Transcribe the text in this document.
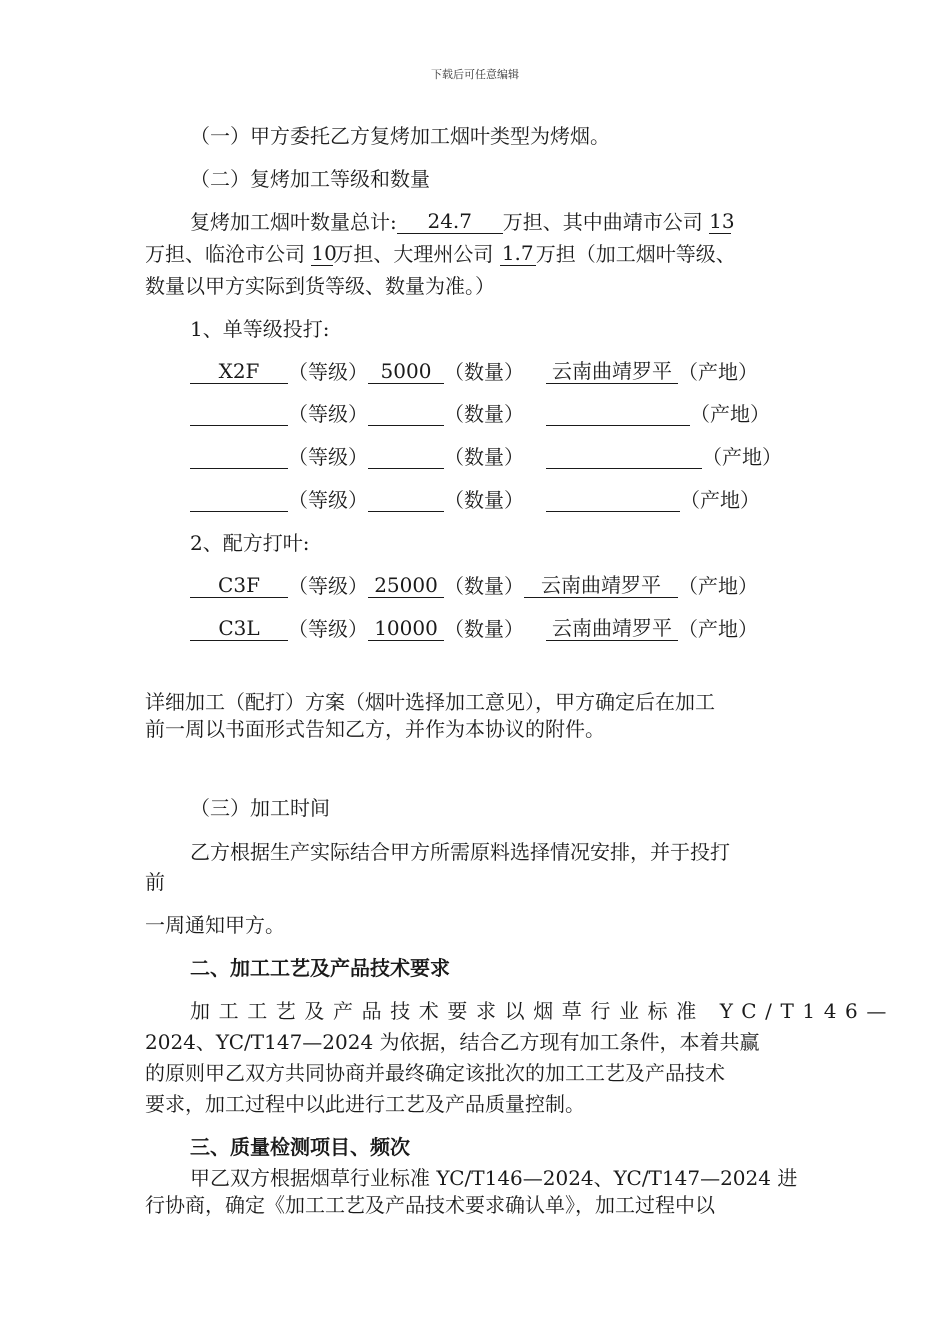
下载后可任意编辑
（一）甲方委托乙方复烤加工烟叶类型为烤烟。
（二）复烤加工等级和数量
复烤加工烟叶数量总计: 24.7 万担、其中曲靖市公司 13
万担、临沧市公司 10万担、大理州公司 1.7 万担（加工烟叶等级、
数量以甲方实际到货等级、数量为准。）
1、单等级投打:
X2F （等级） 5000 （数量） 云南曲靖罗平 （产地）
（等级）	（数量）	（产地）
（等级）	（数量）	（产地）
（等级）	（数量）	（产地）
2、配方打叶:
C3F （等级） 25000 （数量） 云南曲靖罗平 （产地）
C3L （等级） 10000 （数量） 云南曲靖罗平 （产地）
详细加工（配打）方案（烟叶选择加工意见），甲方确定后在加工
前一周以书面形式告知乙方，并作为本协议的附件。
（三）加工时间
乙方根据生产实际结合甲方所需原料选择情况安排，并于投打
前
一周通知甲方。
二、加工工艺及产品技术要求
加工工艺及产品技术要求以烟草行业标准 YC/T146—
2024、YC/T147—2024 为依据，结合乙方现有加工条件，本着共赢
的原则甲乙双方共同协商并最终确定该批次的加工工艺及产品技术
要求，加工过程中以此进行工艺及产品质量控制。
三、质量检测项目、频次
甲乙双方根据烟草行业标准 YC/T146—2024、YC/T147—2024 进
行协商，确定《加工工艺及产品技术要求确认单》，加工过程中以
